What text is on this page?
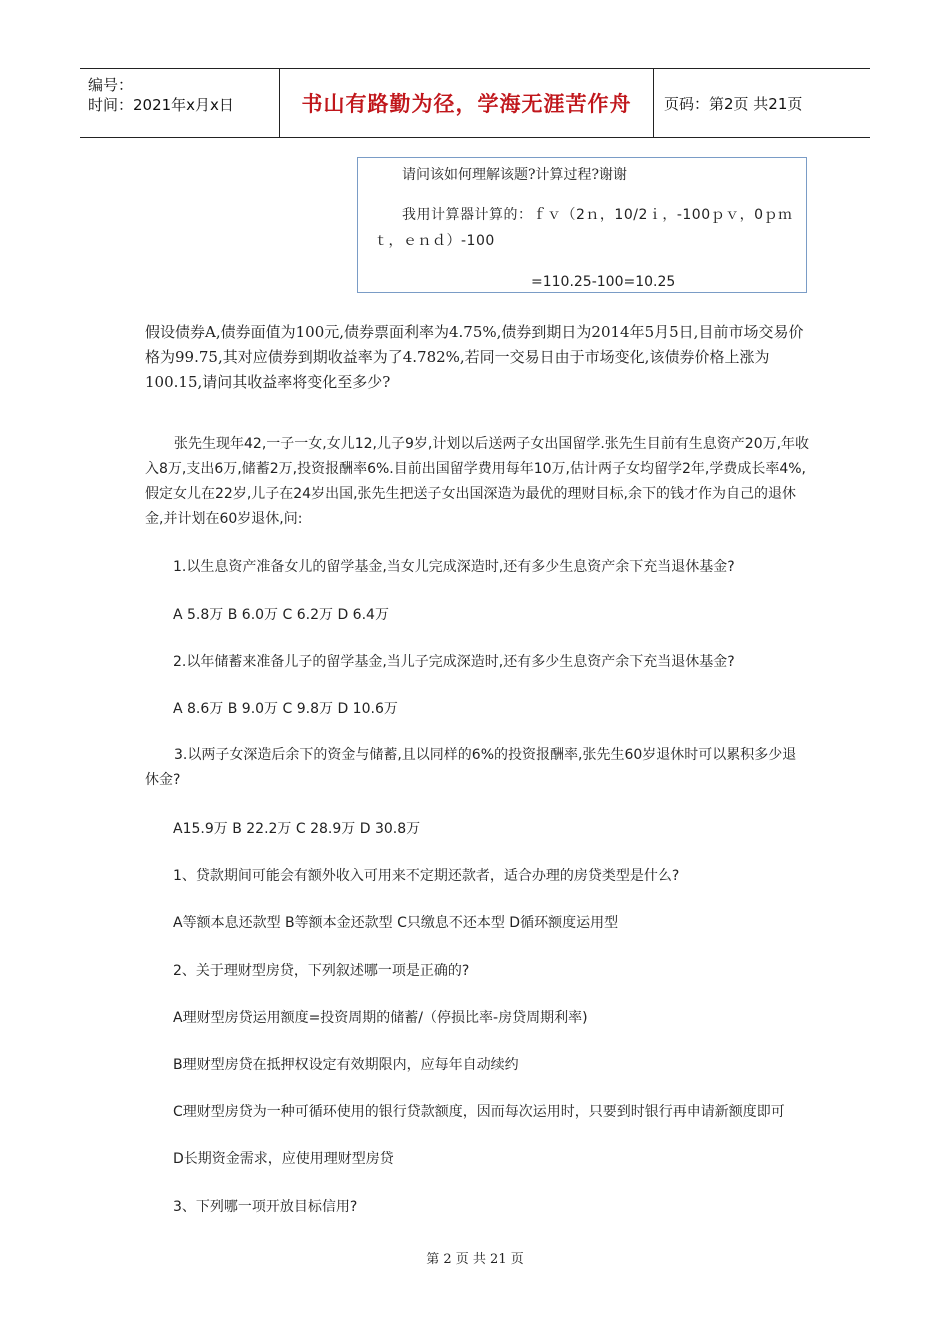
编号：
时间：2021年x月x日	书山有路勤为径，学海无涯苦作舟	页码：第2页 共21页
请问该如何理解该题?计算过程?谢谢
我用计算器计算的：ｆｖ（2ｎ，10/2ｉ，-100ｐｖ，0ｐｍ
ｔ，ｅｎｄ）-100
=110.25-100=10.25

假设债券A,债券面值为100元,债券票面利率为4.75%,债券到期日为2014年5月5日,目前市场交易价格为99.75,其对应债券到期收益率为了4.782%,若同一交易日由于市场变化,该债券价格上涨为100.15,请问其收益率将变化至多少?

张先生现年42,一子一女,女儿12,儿子9岁,计划以后送两子女出国留学.张先生目前有生息资产20万,年收入8万,支出6万,储蓄2万,投资报酬率6%.目前出国留学费用每年10万,估计两子女均留学2年,学费成长率4%,假定女儿在22岁,儿子在24岁出国,张先生把送子女出国深造为最优的理财目标,余下的钱才作为自己的退休金,并计划在60岁退休,问:

1.以生息资产准备女儿的留学基金,当女儿完成深造时,还有多少生息资产余下充当退休基金?
A 5.8万 B 6.0万 C 6.2万 D 6.4万
2.以年储蓄来准备儿子的留学基金,当儿子完成深造时,还有多少生息资产余下充当退休基金?
A 8.6万 B 9.0万 C 9.8万 D 10.6万

3.以两子女深造后余下的资金与储蓄,且以同样的6%的投资报酬率,张先生60岁退休时可以累积多少退休金?

A15.9万 B 22.2万 C 28.9万 D 30.8万
1、贷款期间可能会有额外收入可用来不定期还款者，适合办理的房贷类型是什么?
A等额本息还款型 B等额本金还款型 C只缴息不还本型 D循环额度运用型
2、关于理财型房贷，下列叙述哪一项是正确的?
A理财型房贷运用额度=投资周期的储蓄/（停损比率-房贷周期利率)
B理财型房贷在抵押权设定有效期限内，应每年自动续约
C理财型房贷为一种可循环使用的银行贷款额度，因而每次运用时，只要到时银行再申请新额度即可
D长期资金需求，应使用理财型房贷
3、下列哪一项开放目标信用?
第 2 页 共 21 页
